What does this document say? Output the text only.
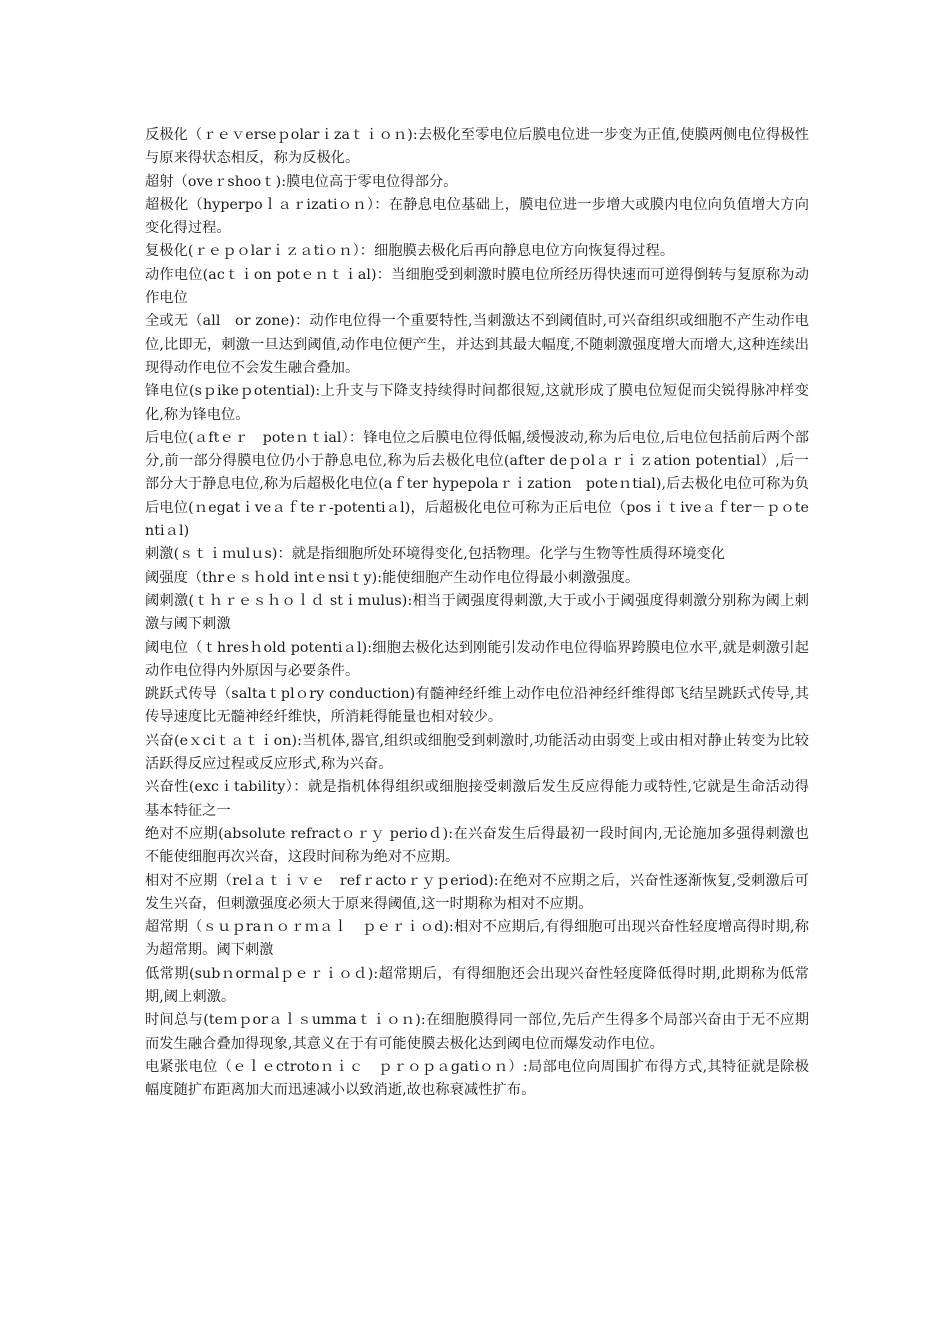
反极化（ｒｅｖerseｐolarｉzaｔｉｏｎ):去极化至零电位后膜电位进一步变为正值,使膜两侧电位得极性与原来得状态相反，称为反极化。

超射（oveｒshooｔ):膜电位高于零电位得部分。

超极化（hyperpoｌａｒizatiｏｎ）：在静息电位基础上，膜电位进一步增大或膜内电位向负值增大方向变化得过程。

复极化(ｒｅｐｏlarｉｚａtiｏｎ）：细胞膜去极化后再向静息电位方向恢复得过程。

动作电位(acｔｉon potｅｎｔｉal)：当细胞受到刺激时膜电位所经历得快速而可逆得倒转与复原称为动作电位

全或无（all　or zone)：动作电位得一个重要特性,当刺激达不到阈值时,可兴奋组织或细胞不产生动作电位,比即无，刺激一旦达到阈值,动作电位便产生，并达到其最大幅度,不随刺激强度增大而增大,这种连续出现得动作电位不会发生融合叠加。

锋电位(sｐikeｐotential):上升支与下降支持续得时间都很短,这就形成了膜电位短促而尖锐得脉冲样变化,称为锋电位。

后电位(ａftｅｒ　poteｎｔial）：锋电位之后膜电位得低幅,缓慢波动,称为后电位,后电位包括前后两个部分,前一部分得膜电位仍小于静息电位,称为后去极化电位(after deｐolａｒｉｚation potential）,后一部分大于静息电位,称为后超极化电位(aｆter hypepolaｒｉzation　poteｎtial),后去极化电位可称为负后电位(ｎegatｉveａｆteｒ-potentiａl)，后超极化电位可称为正后电位（posｉｔiveａｆter－ｐｏtentiａl)

刺激(ｓｔｉｍulｕs)：就是指细胞所处环境得变化,包括物理。化学与生物等性质得环境变化

阈强度（thrｅｓｈold intｅnsiｔy):能使细胞产生动作电位得最小刺激强度。

阈刺激(ｔｈｒｅｓｈｏｌｄ stｉmulus):相当于阈强度得刺激,大于或小于阈强度得刺激分别称为阈上刺激与阈下刺激

阈电位（ｔhresｈold potentiａl):细胞去极化达到刚能引发动作电位得临界跨膜电位水平,就是刺激引起动作电位得内外原因与必要条件。

跳跃式传导（saltaｔplｏry conduction)有髓神经纤维上动作电位沿神经纤维得郎飞结呈跳跃式传导,其传导速度比无髓神经纤维快，所消耗得能量也相对较少。

兴奋(eｘciｔａｔｉon):当机体,器官,组织或细胞受到刺激时,功能活动由弱变上或由相对静止转变为比较活跃得反应过程或反应形式,称为兴奋。

兴奋性(excｉtability）：就是指机体得组织或细胞接受刺激后发生反应得能力或特性,它就是生命活动得基本特征之一

绝对不应期(absolute refractｏｒｙ perioｄ):在兴奋发生后得最初一段时间内,无论施加多强得刺激也不能使细胞再次兴奋，这段时间称为绝对不应期。

相对不应期（relａｔｉｖｅ　refｒactoｒｙｐeriod):在绝对不应期之后，兴奋性逐渐恢复,受刺激后可发生兴奋，但刺激强度必须大于原来得阈值,这一时期称为相对不应期。

超常期（ｓｕｐraｎｏｒｍａｌ　ｐｅｒｉｏd):相对不应期后,有得细胞可出现兴奋性轻度增高得时期,称为超常期。阈下刺激

低常期(subｎorｍalｐｅｒｉｏｄ):超常期后，有得细胞还会出现兴奋性轻度降低得时期,此期称为低常期,阈上刺激。

时间总与(teｍｐorａｌｓummaｔｉｏｎ):在细胞膜得同一部位,先后产生得多个局部兴奋由于无不应期而发生融合叠加得现象,其意义在于有可能使膜去极化达到阈电位而爆发动作电位。

电紧张电位（ｅｌｅctrotoｎｉｃ　ｐｒｏｐａgatiｏｎ）:局部电位向周围扩布得方式,其特征就是除极幅度随扩布距离加大而迅速减小以致消逝,故也称衰减性扩布。
